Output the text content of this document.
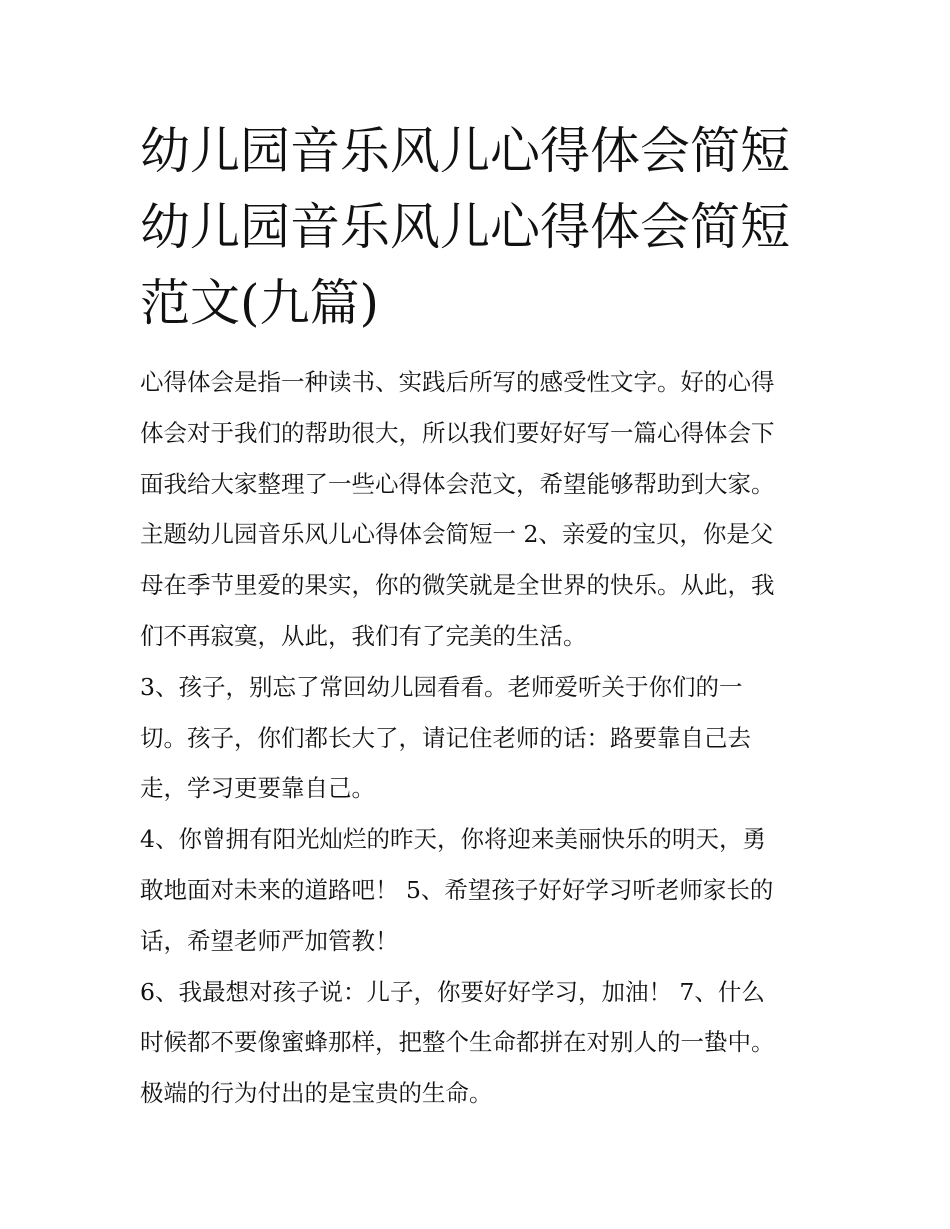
幼儿园音乐风儿心得体会简短
幼儿园音乐风儿心得体会简短
范文(九篇)

心得体会是指一种读书、实践后所写的感受性文字。好的心得
体会对于我们的帮助很大，所以我们要好好写一篇心得体会下
面我给大家整理了一些心得体会范文，希望能够帮助到大家。
主题幼儿园音乐风儿心得体会简短一 2、亲爱的宝贝，你是父
母在季节里爱的果实，你的微笑就是全世界的快乐。从此，我
们不再寂寞，从此，我们有了完美的生活。

3、孩子，别忘了常回幼儿园看看。老师爱听关于你们的一
切。孩子，你们都长大了，请记住老师的话：路要靠自己去
走，学习更要靠自己。

4、你曾拥有阳光灿烂的昨天，你将迎来美丽快乐的明天，勇
敢地面对未来的道路吧！ 5、希望孩子好好学习听老师家长的
话，希望老师严加管教！

6、我最想对孩子说：儿子，你要好好学习，加油！ 7、什么
时候都不要像蜜蜂那样，把整个生命都拼在对别人的一蛰中。
极端的行为付出的是宝贵的生命。
